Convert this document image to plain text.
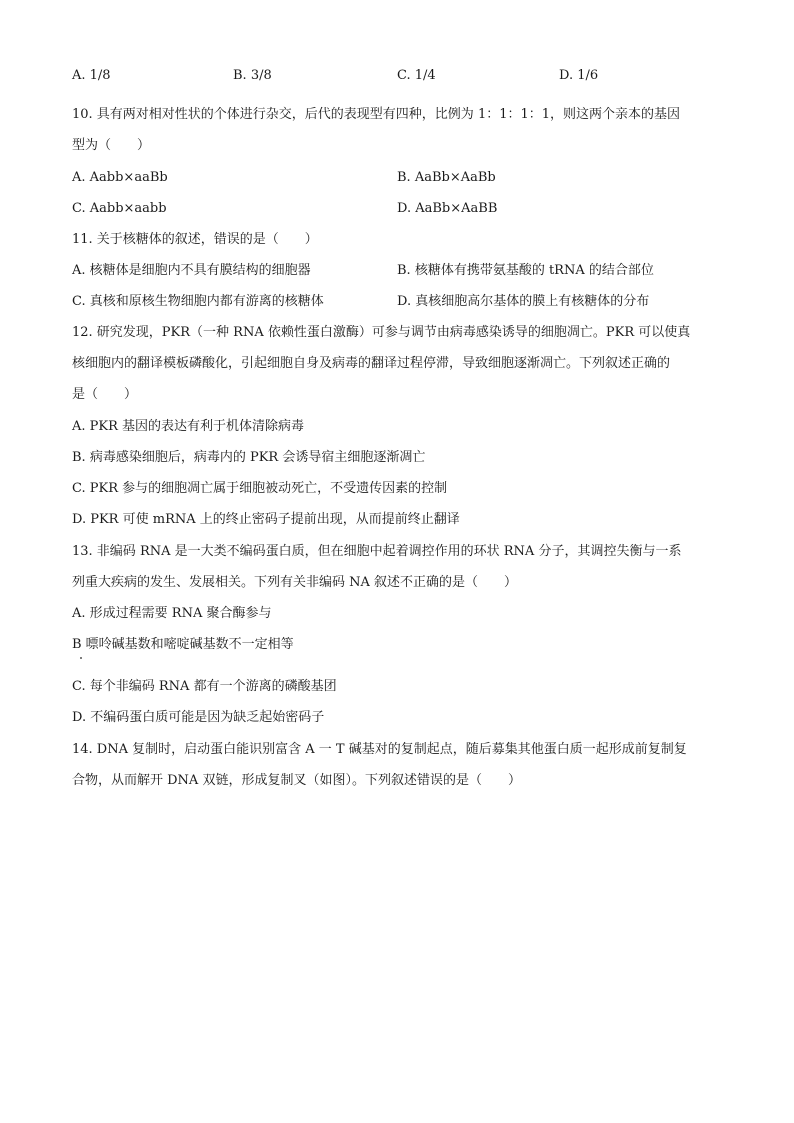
A. 1/8	B. 3/8	C. 1/4	D. 1/6
10. 具有两对相对性状的个体进行杂交，后代的表现型有四种，比例为 1：1：1：1，则这两个亲本的基因
型为（　　）
A. Aabb×aaBb	B. AaBb×AaBb
C. Aabb×aabb	D. AaBb×AaBB
11. 关于核糖体的叙述，错误的是（　　）
A. 核糖体是细胞内不具有膜结构的细胞器	B. 核糖体有携带氨基酸的 tRNA 的结合部位
C. 真核和原核生物细胞内都有游离的核糖体	D. 真核细胞高尔基体的膜上有核糖体的分布
12. 研究发现，PKR（一种 RNA 依赖性蛋白激酶）可参与调节由病毒感染诱导的细胞凋亡。PKR 可以使真
核细胞内的翻译模板磷酸化，引起细胞自身及病毒的翻译过程停滞，导致细胞逐渐凋亡。下列叙述正确的
是（　　）
A. PKR 基因的表达有利于机体清除病毒
B. 病毒感染细胞后，病毒内的 PKR 会诱导宿主细胞逐渐凋亡
C. PKR 参与的细胞凋亡属于细胞被动死亡，不受遗传因素的控制
D. PKR 可使 mRNA 上的终止密码子提前出现，从而提前终止翻译
13. 非编码 RNA 是一大类不编码蛋白质，但在细胞中起着调控作用的环状 RNA 分子，其调控失衡与一系
列重大疾病的发生、发展相关。下列有关非编码 NA 叙述不正确的是（　　）
A. 形成过程需要 RNA 聚合酶参与
B 嘌呤碱基数和嘧啶碱基数不一定相等
C. 每个非编码 RNA 都有一个游离的磷酸基团
D. 不编码蛋白质可能是因为缺乏起始密码子
14. DNA 复制时，启动蛋白能识别富含 A 一 T 碱基对的复制起点，随后募集其他蛋白质一起形成前复制复
合物，从而解开 DNA 双链，形成复制叉（如图）。下列叙述错误的是（　　）
